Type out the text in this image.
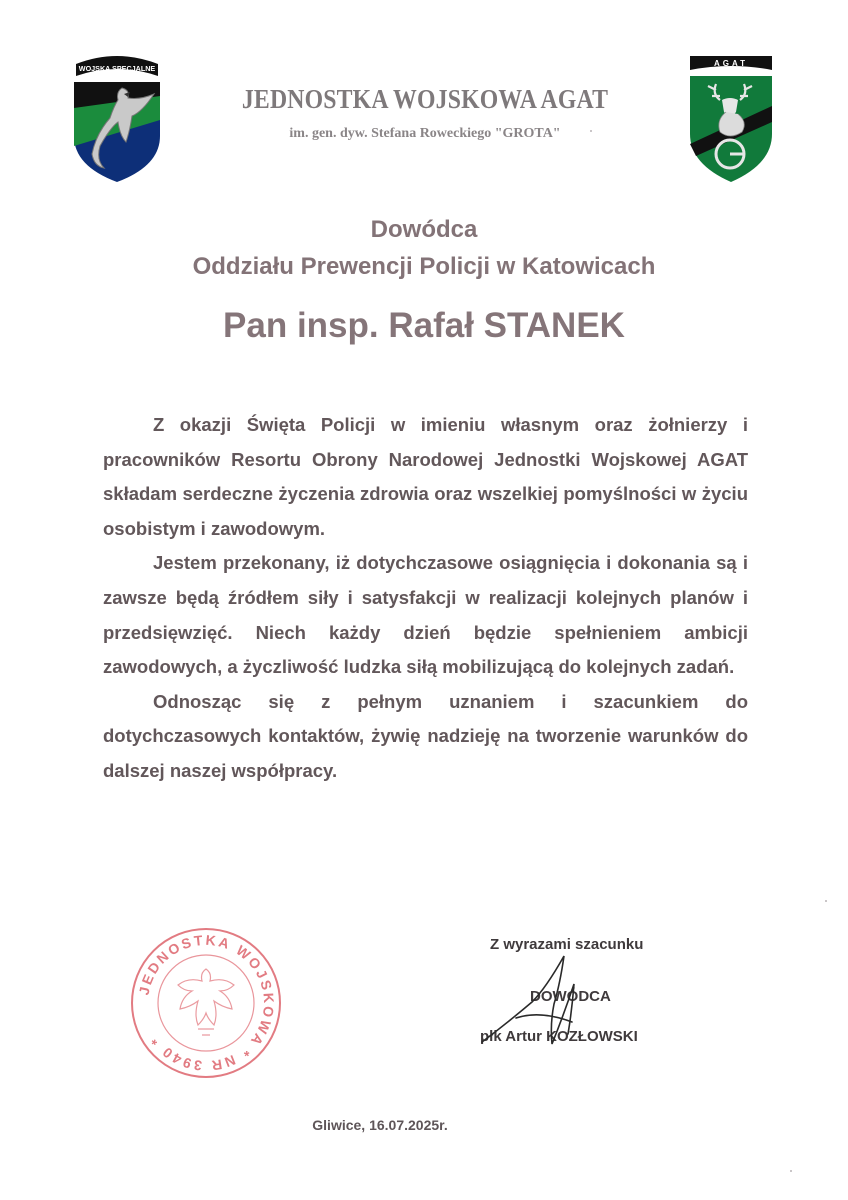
WOJSKA SPECJALNE
JEDNOSTKA WOJSKOWA AGAT
im. gen. dyw. Stefana Roweckiego "GROTA"
AGAT
Dowódca
Oddziału Prewencji Policji w Katowicach
Pan insp. Rafał STANEK

Z okazji Święta Policji w imieniu własnym oraz żołnierzy i pracowników Resortu Obrony Narodowej Jednostki Wojskowej AGAT składam serdeczne życzenia zdrowia oraz wszelkiej pomyślności w życiu osobistym i zawodowym.

Jestem przekonany, iż dotychczasowe osiągnięcia i dokonania są i zawsze będą źródłem siły i satysfakcji w realizacji kolejnych planów i przedsięwzięć. Niech każdy dzień będzie spełnieniem ambicji zawodowych, a życzliwość ludzka siłą mobilizującą do kolejnych zadań.

Odnosząc się z pełnym uznaniem i szacunkiem do dotychczasowych kontaktów, żywię nadzieję na tworzenie warunków do dalszej naszej współpracy.

JEDNOSTKA WOJSKOWA * NR 3940 *
Z wyrazami szacunku
DOWÓDCA
płk Artur KOZŁOWSKI
Gliwice, 16.07.2025r.
